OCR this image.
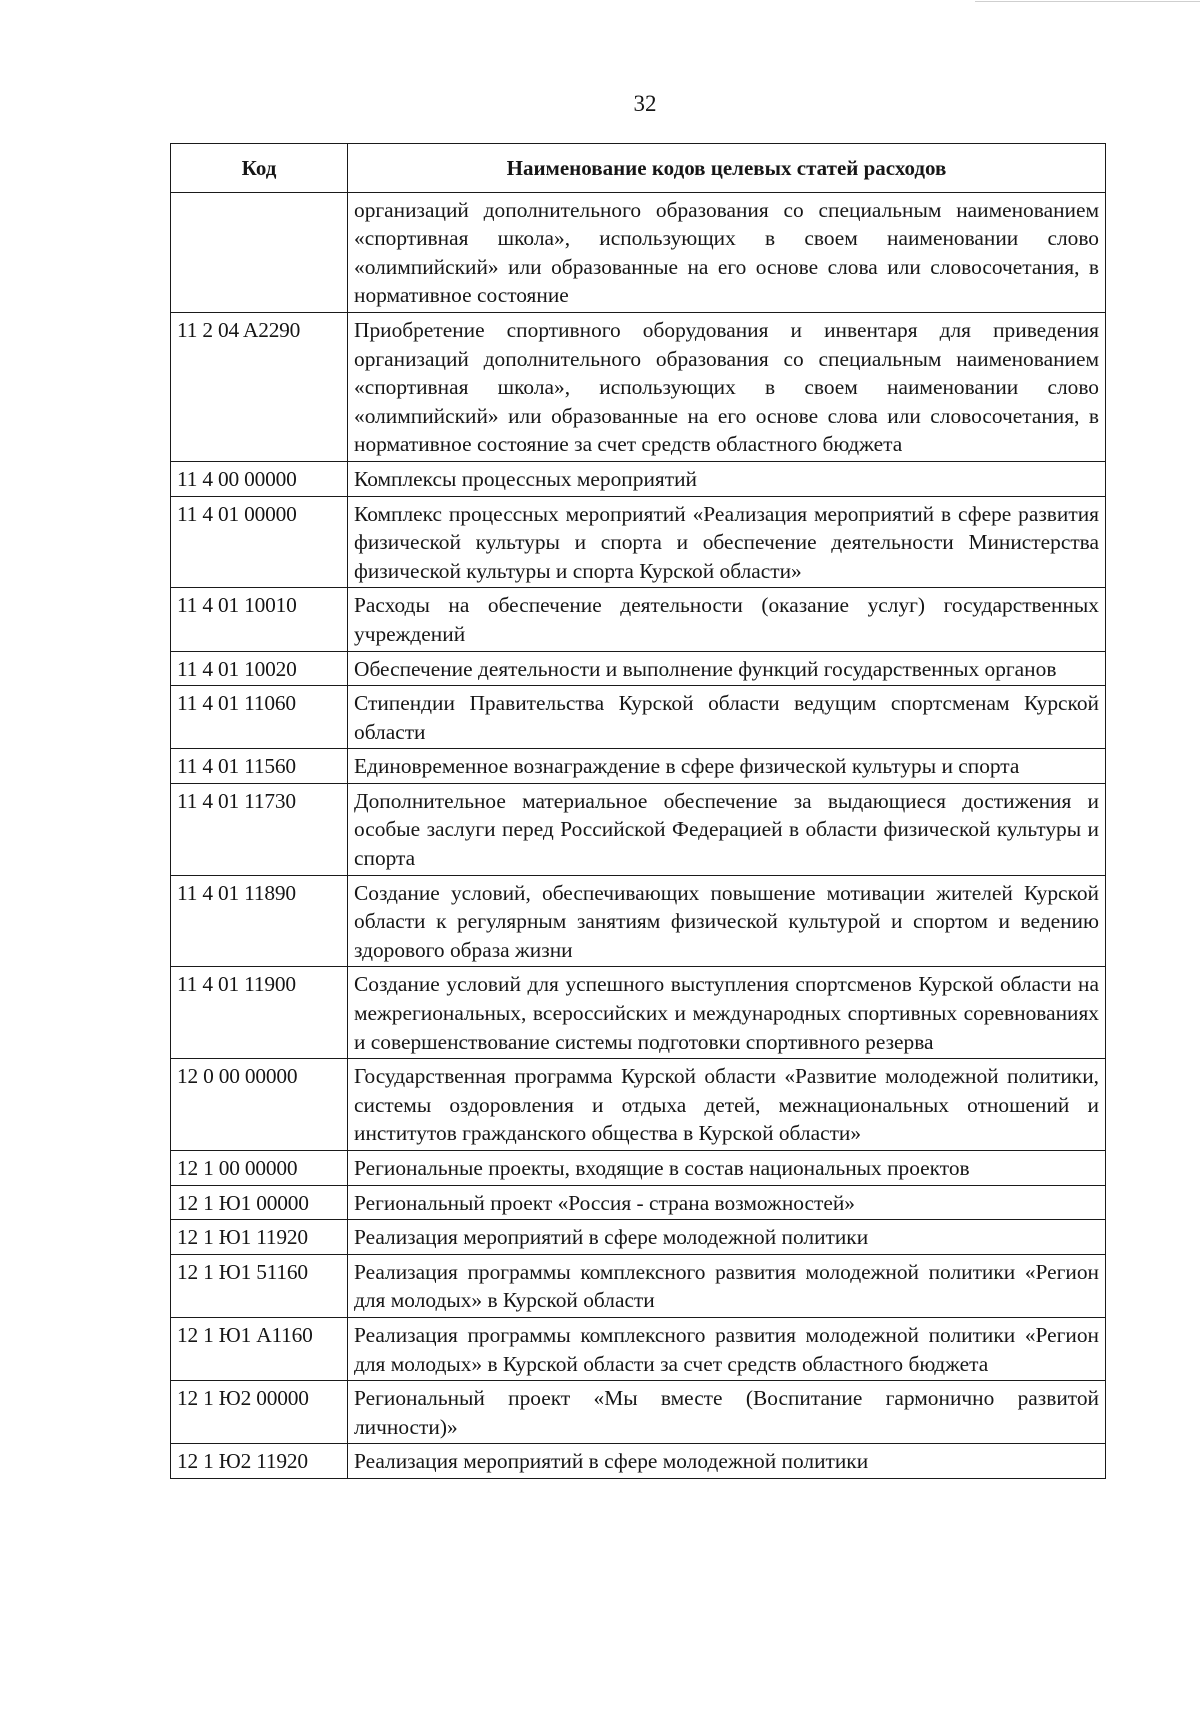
32
Код	Наименование кодов целевых статей расходов
	организаций дополнительного образования со специальным наименованием «спортивная школа», использующих в своем наименовании слово «олимпийский» или образованные на его основе слова или словосочетания, в нормативное состояние
11 2 04 A2290	Приобретение спортивного оборудования и инвентаря для приведения организаций дополнительного образования со специальным наименованием «спортивная школа», использующих в своем наименовании слово «олимпийский» или образованные на его основе слова или словосочетания, в нормативное состояние за счет средств областного бюджета
11 4 00 00000	Комплексы процессных мероприятий
11 4 01 00000	Комплекс процессных мероприятий «Реализация мероприятий в сфере развития физической культуры и спорта и обеспечение деятельности Министерства физической культуры и спорта Курской области»
11 4 01 10010	Расходы на обеспечение деятельности (оказание услуг) государственных учреждений
11 4 01 10020	Обеспечение деятельности и выполнение функций государственных органов
11 4 01 11060	Стипендии Правительства Курской области ведущим спортсменам Курской области
11 4 01 11560	Единовременное вознаграждение в сфере физической культуры и спорта
11 4 01 11730	Дополнительное материальное обеспечение за выдающиеся достижения и особые заслуги перед Российской Федерацией в области физической культуры и спорта
11 4 01 11890	Создание условий, обеспечивающих повышение мотивации жителей Курской области к регулярным занятиям физической культурой и спортом и ведению здорового образа жизни
11 4 01 11900	Создание условий для успешного выступления спортсменов Курской области на межрегиональных, всероссийских и международных спортивных соревнованиях и совершенствование системы подготовки спортивного резерва
12 0 00 00000	Государственная программа Курской области «Развитие молодежной политики, системы оздоровления и отдыха детей, межнациональных отношений и институтов гражданского общества в Курской области»
12 1 00 00000	Региональные проекты, входящие в состав национальных проектов
12 1 Ю1 00000	Региональный проект «Россия - страна возможностей»
12 1 Ю1 11920	Реализация мероприятий в сфере молодежной политики
12 1 Ю1 51160	Реализация программы комплексного развития молодежной политики «Регион для молодых» в Курской области
12 1 Ю1 A1160	Реализация программы комплексного развития молодежной политики «Регион для молодых» в Курской области за счет средств областного бюджета
12 1 Ю2 00000	Региональный проект «Мы вместе (Воспитание гармонично развитой личности)»
12 1 Ю2 11920	Реализация мероприятий в сфере молодежной политики
